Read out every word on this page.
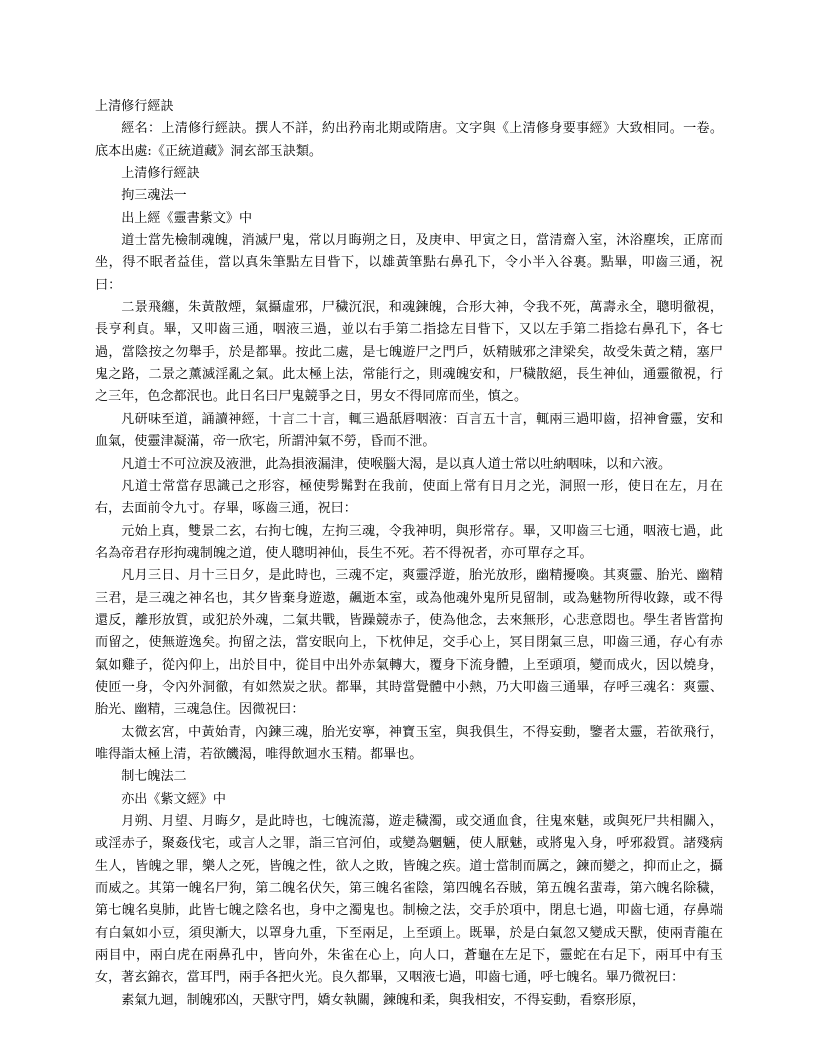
上清修行經訣

經名：上清修行經訣。撰人不詳，約出矜南北期或隋唐。文字與《上清修身要事經》大致相同。一卷。底本出處:《正統道藏》洞玄部玉訣類。

上清修行經訣

拘三魂法一

出上經《靈書紫文》中

道士當先檢制魂魄，消滅尸鬼，常以月晦朔之日，及庚申、甲寅之日，當清齋入室，沐浴塵埃，正席而坐，得不眠者益佳，當以真朱筆點左目眥下，以雄黃筆點右鼻孔下，令小半入谷裏。點畢，叩齒三通，祝曰：

二景飛纏，朱黃散煙，氣攝虛邪，尸穢沉泯，和魂鍊魄，合形大神，令我不死，萬壽永全，聰明徹視，長亨利貞。畢，又叩齒三通，咽液三過，並以右手第二指捻左目眥下，又以左手第二指捻右鼻孔下，各七過，當陰按之勿舉手，於是都畢。按此二處，是七魄遊尸之門戶，妖精賊邪之津梁矣，故受朱黃之精，塞尸鬼之路，二景之薰滅淫亂之氣。此太極上法，常能行之，則魂魄安和，尸穢散絕，長生神仙，通靈徹視，行之三年，色念都泯也。此日名曰尸鬼競爭之日，男女不得同席而坐，慎之。

凡研味至道，誦讀神經，十言二十言，輒三過舐唇咽液：百言五十言，輒兩三過叩齒，招神會靈，安和血氣，使靈津凝滿，帝一欣宅，所謂沖氣不勞，昏而不泄。

凡道士不可泣淚及液泄，此為損液漏津，使喉腦大渴，是以真人道士常以吐納咽味，以和六液。

凡道士常當存思識己之形容，極使髣髴對在我前，使面上常有日月之光，洞照一形，使日在左，月在右，去面前令九寸。存畢，啄齒三通，祝曰：

元始上真，雙景二玄，右拘七魄，左拘三魂，令我神明，與形常存。畢，又叩齒三七通，咽液七過，此名為帝君存形拘魂制魄之道，使人聰明神仙，長生不死。若不得祝者，亦可單存之耳。

凡月三日、月十三日夕，是此時也，三魂不定，爽靈浮遊，胎光放形，幽精擾喚。其爽靈、胎光、幽精三君，是三魂之神名也，其夕皆棄身遊遨，飆逝本室，或為他魂外鬼所見留制，或為魅物所得收錄，或不得還反，離形放質，或犯於外魂，二氣共戰，皆躁競赤子，使為他念，去來無形，心悲意悶也。學生者皆當拘而留之，使無遊逸矣。拘留之法，當安眠向上，下枕伸足，交手心上，冥目閉氣三息，叩齒三通，存心有赤氣如雞子，從內仰上，出於目中，從目中出外赤氣轉大，覆身下流身體，上至頭項，變而成火，因以燒身，使匝一身，令內外洞徹，有如然炭之狀。都畢，其時當覺體中小熱，乃大叩齒三通畢，存呼三魂名：爽靈、胎光、幽精，三魂急住。因微祝曰：

太微玄宮，中黃始青，內鍊三魂，胎光安寧，神寶玉室，與我俱生，不得妄動，鑒者太靈，若欲飛行，唯得詣太極上清，若欲饑渴，唯得飲迴水玉精。都畢也。

制七魄法二

亦出《紫文經》中

月朔、月望、月晦夕，是此時也，七魄流蕩，遊走穢濁，或交通血食，往鬼來魅，或與死尸共相關入，或淫赤子，聚姦伐宅，或言人之罪，詣三官河伯，或變為魍魎，使人厭魅，或將鬼入身，呼邪殺質。諸殘病生人，皆魄之罪，樂人之死，皆魄之性，欲人之敗，皆魄之疾。道士當制而厲之，鍊而變之，抑而止之，攝而威之。其第一魄名尸狗，第二魄名伏矢，第三魄名雀陰，第四魄名吞賊，第五魄名蜚毒，第六魄名除穢，第七魄名臭肺，此皆七魄之陰名也，身中之濁鬼也。制檢之法，交手於項中，閉息七過，叩齒七通，存鼻端有白氣如小豆，須臾漸大，以罩身九重，下至兩足，上至頭上。既畢，於是白氣忽又變成天獸，使兩青龍在兩目中，兩白虎在兩鼻孔中，皆向外，朱雀在心上，向人口，蒼龜在左足下，靈蛇在右足下，兩耳中有玉女，著玄錦衣，當耳門，兩手各把火光。良久都畢，又咽液七過，叩齒七通，呼七魄名。畢乃微祝曰：

素氣九迴，制魄邪凶，天獸守門，嬌女執關，鍊魄和柔，與我相安，不得妄動，看察形原，
